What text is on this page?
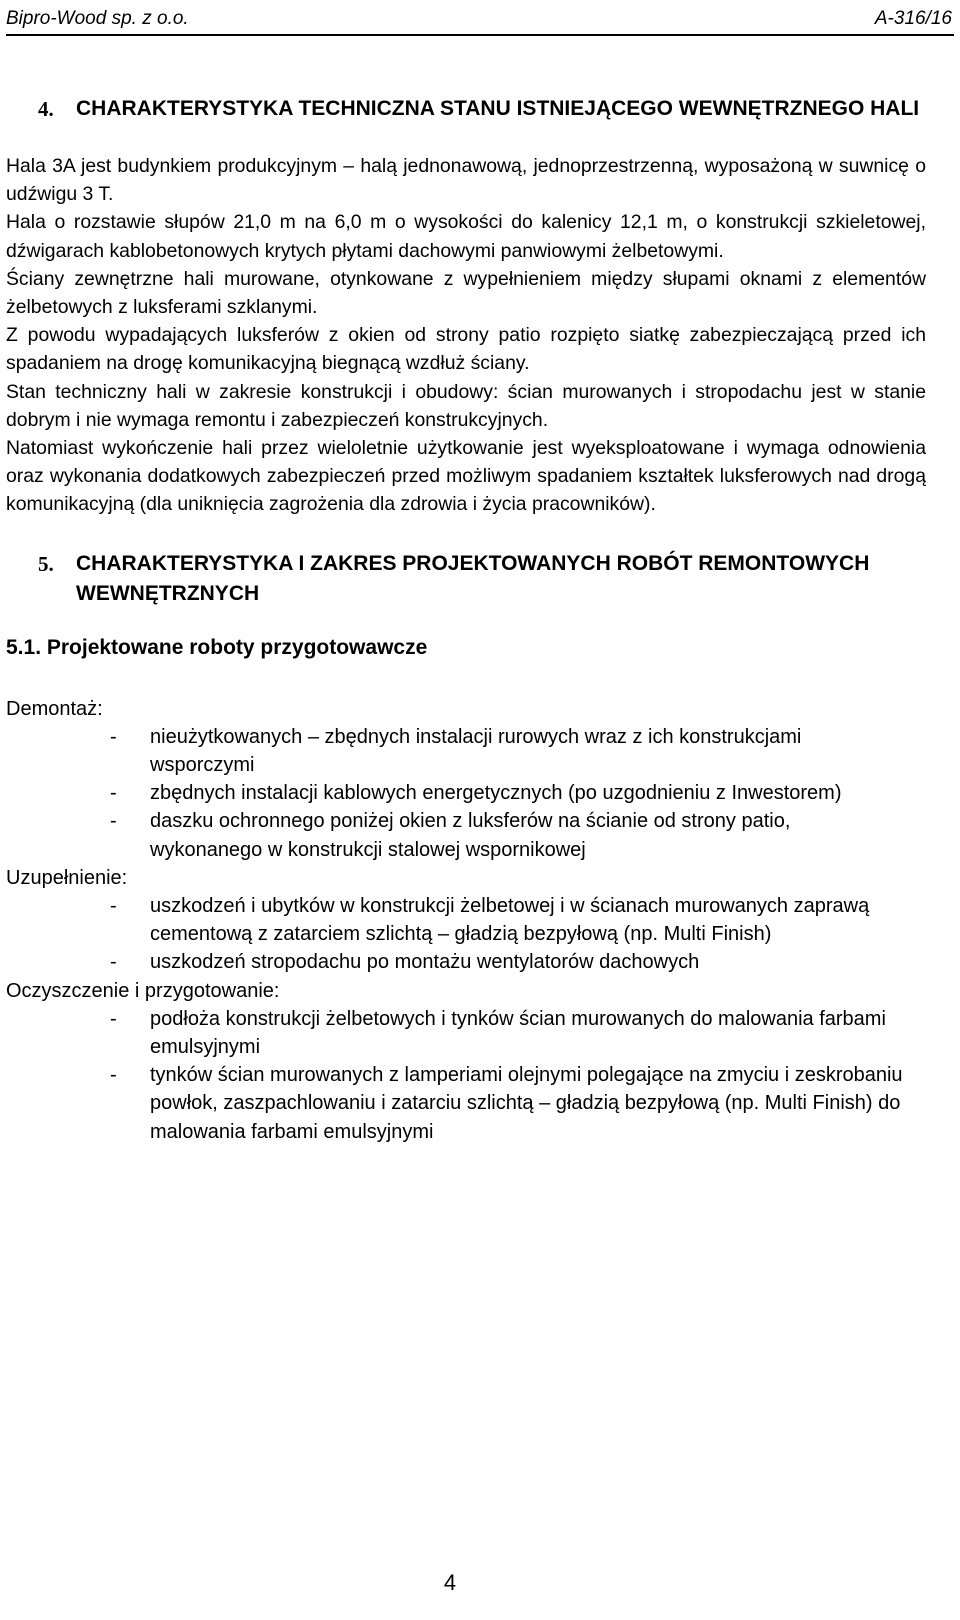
Bipro-Wood sp. z o.o.	A-316/16
4.	CHARAKTERYSTYKA TECHNICZNA STANU ISTNIEJĄCEGO WEWNĘTRZNEGO HALI

Hala 3A jest budynkiem produkcyjnym – halą jednonawową, jednoprzestrzenną, wyposażoną w suwnicę o udźwigu 3 T.

Hala o rozstawie słupów 21,0 m na 6,0 m o wysokości do kalenicy 12,1 m, o konstrukcji szkieletowej, dźwigarach kablobetonowych krytych płytami dachowymi panwiowymi żelbetowymi.

Ściany zewnętrzne hali murowane, otynkowane z wypełnieniem między słupami oknami z elementów żelbetowych z luksferami szklanymi.

Z powodu wypadających luksferów z okien od strony patio rozpięto siatkę zabezpieczającą przed ich spadaniem na drogę komunikacyjną biegnącą wzdłuż ściany.

Stan techniczny hali w zakresie konstrukcji i obudowy: ścian murowanych i stropodachu jest w stanie dobrym i nie wymaga remontu i zabezpieczeń konstrukcyjnych.

Natomiast wykończenie hali przez wieloletnie użytkowanie jest wyeksploatowane i wymaga odnowienia oraz wykonania dodatkowych zabezpieczeń przed możliwym spadaniem kształtek luksferowych nad drogą komunikacyjną (dla uniknięcia zagrożenia dla zdrowia i życia pracowników).

5.	CHARAKTERYSTYKA I ZAKRES PROJEKTOWANYCH ROBÓT REMONTOWYCH WEWNĘTRZNYCH
5.1. Projektowane roboty przygotowawcze
Demontaż:
-	nieużytkowanych – zbędnych instalacji rurowych wraz z ich konstrukcjami wsporczymi
-	zbędnych instalacji kablowych energetycznych (po uzgodnieniu z Inwestorem)
-	daszku ochronnego poniżej okien z luksferów na ścianie od strony patio, wykonanego w konstrukcji stalowej wspornikowej
Uzupełnienie:
-	uszkodzeń i ubytków w konstrukcji żelbetowej i w ścianach murowanych zaprawą cementową z zatarciem szlichtą – gładzią bezpyłową (np. Multi Finish)
-	uszkodzeń stropodachu po montażu wentylatorów dachowych
Oczyszczenie i przygotowanie:
-	podłoża konstrukcji żelbetowych i tynków ścian murowanych do malowania farbami emulsyjnymi
-	tynków ścian murowanych z lamperiami olejnymi polegające na zmyciu i zeskrobaniu powłok, zaszpachlowaniu i zatarciu szlichtą – gładzią bezpyłową (np. Multi Finish) do malowania farbami emulsyjnymi
4
